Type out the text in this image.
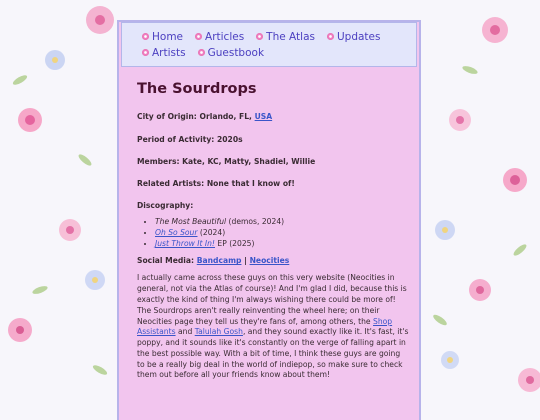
Home Articles The Atlas Updates
Artists Guestbook
The Sourdrops
City of Origin: Orlando, FL, USA
Period of Activity: 2020s
Members: Kate, KC, Matty, Shadiel, Willie
Related Artists: None that I know of!
Discography:
• The Most Beautiful (demos, 2024)
• Oh So Sour (2024)
• Just Throw It In! EP (2025)
Social Media: Bandcamp | Neocities

I actually came across these guys on this very website (Neocities in general, not via the Atlas of course)! And I'm glad I did, because this is exactly the kind of thing I'm always wishing there could be more of! The Sourdrops aren't really reinventing the wheel here; on their Neocities page they tell us they're fans of, among others, the Shop Assistants and Talulah Gosh, and they sound exactly like it. It's fast, it's poppy, and it sounds like it's constantly on the verge of falling apart in the best possible way. With a bit of time, I think these guys are going to be a really big deal in the world of indiepop, so make sure to check them out before all your friends know about them!
